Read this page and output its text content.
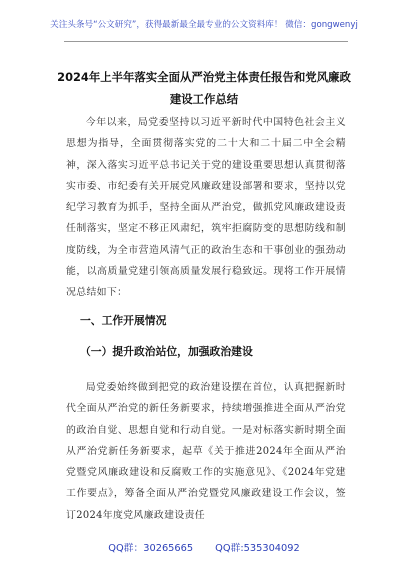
关注头条号“公文研究”，获得最新最全最专业的公文资料库！ 微信：gongwenyj
2024年上半年落实全面从严治党主体责任报告和党风廉政
建设工作总结
今年以来，局党委坚持以习近平新时代中国特色社会主义思想为指导，全面贯彻落实党的二十大和二十届二中全会精神，深入落实习近平总书记关于党的建设重要思想认真贯彻落实市委、市纪委有关开展党风廉政建设部署和要求，坚持以党纪学习教育为抓手，坚持全面从严治党，做抓党风廉政建设责任制落实，坚定不移正风肃纪，筑牢拒腐防变的思想防线和制度防线，为全市营造风清气正的政治生态和干事创业的强劲动能，以高质量党建引领高质量发展行稳致远。现将工作开展情况总结如下：
一、工作开展情况
（一）提升政治站位，加强政治建设
局党委始终做到把党的政治建设摆在首位，认真把握新时代全面从严治党的新任务新要求，持续增强推进全面从严治党的政治自觉、思想自觉和行动自觉。一是对标落实新时期全面从严治党新任务新要求，起草《关于推进2024年全面从严治党暨党风廉政建设和反腐败工作的实施意见》、《2024年党建工作要点》，筹备全面从严治党暨党风廉政建设工作会议，签订2024年度党风廉政建设责任
QQ群：30265665 QQ群:535304092
